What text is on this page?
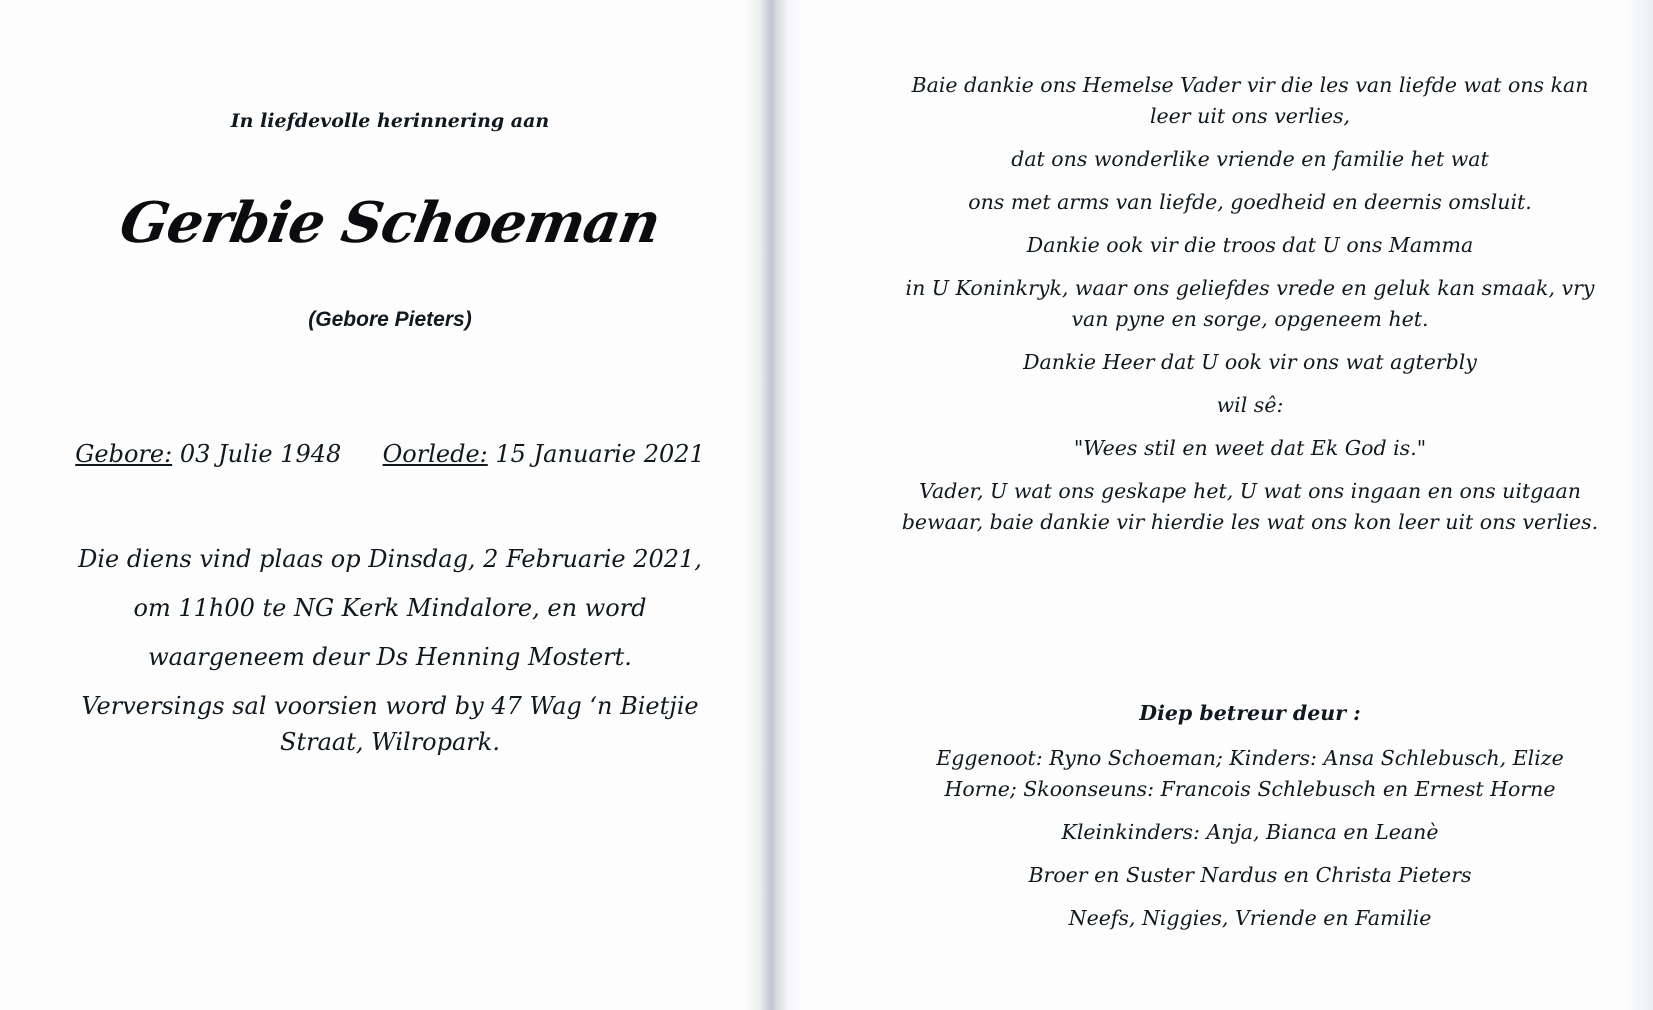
In liefdevolle herinnering aan
Gerbie Schoeman
(Gebore Pieters)
Gebore: 03 Julie 1948 Oorlede: 15 Januarie 2021

Die diens vind plaas op Dinsdag, 2 Februarie 2021,

om 11h00 te NG Kerk Mindalore, en word

waargeneem deur Ds Henning Mostert.

Verversings sal voorsien word by 47 Wag ‘n Bietjie

Straat, Wilropark.

Baie dankie ons Hemelse Vader vir die les van liefde wat ons kan
leer uit ons verlies,

dat ons wonderlike vriende en familie het wat

ons met arms van liefde, goedheid en deernis omsluit.

Dankie ook vir die troos dat U ons Mamma

in U Koninkryk, waar ons geliefdes vrede en geluk kan smaak, vry
van pyne en sorge, opgeneem het.

Dankie Heer dat U ook vir ons wat agterbly

wil sê:

"Wees stil en weet dat Ek God is."

Vader, U wat ons geskape het, U wat ons ingaan en ons uitgaan
bewaar, baie dankie vir hierdie les wat ons kon leer uit ons verlies.

Diep betreur deur :

Eggenoot: Ryno Schoeman; Kinders: Ansa Schlebusch, Elize
Horne; Skoonseuns: Francois Schlebusch en Ernest Horne

Kleinkinders: Anja, Bianca en Leanè

Broer en Suster Nardus en Christa Pieters

Neefs, Niggies, Vriende en Familie
